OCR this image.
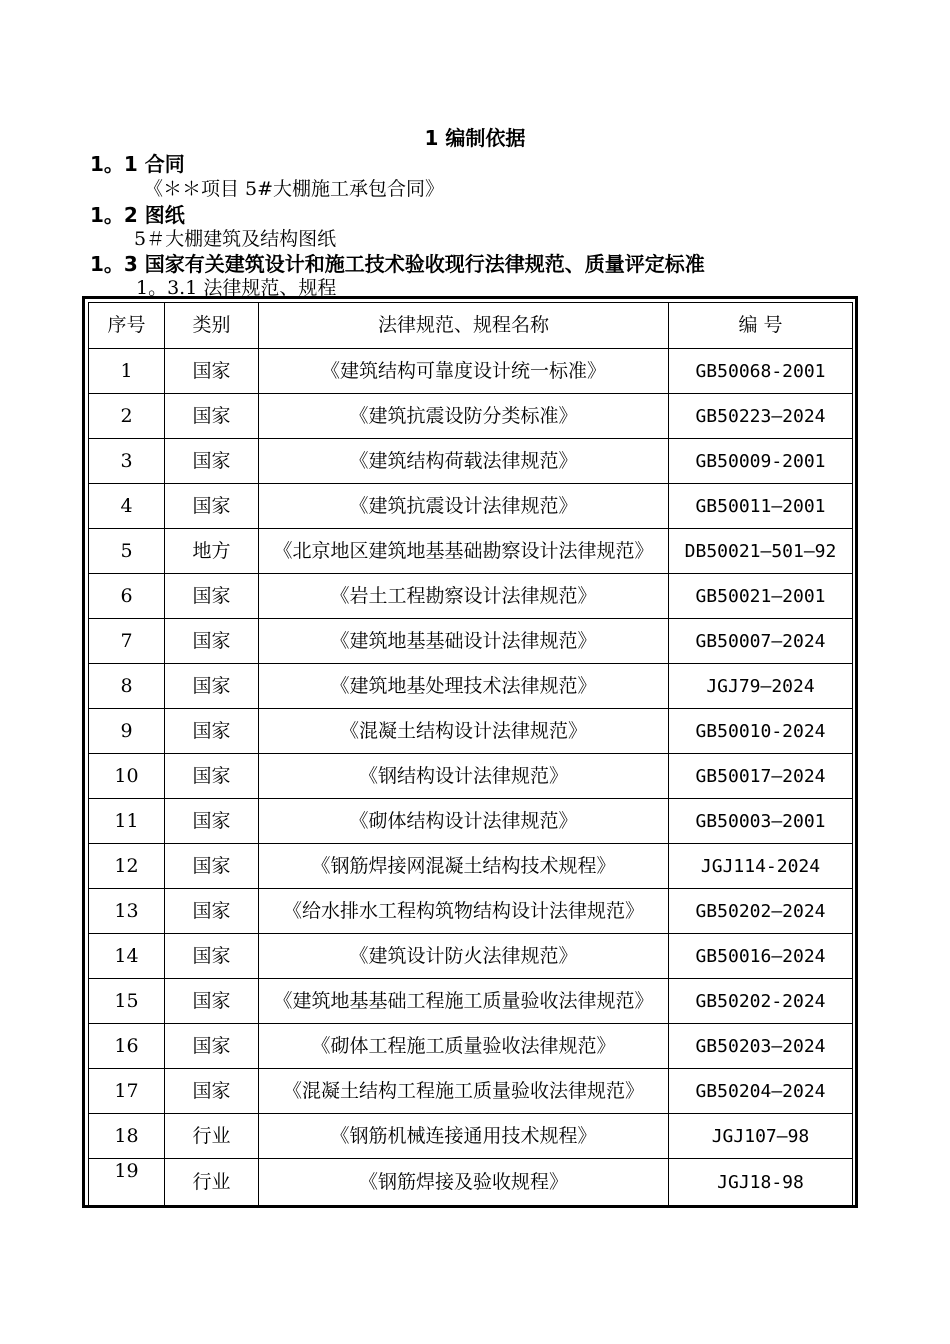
1 编制依据
1。1 合同
《＊＊项目 5#大棚施工承包合同》
1。2 图纸
5＃大棚建筑及结构图纸
1。3 国家有关建筑设计和施工技术验收现行法律规范、质量评定标准
1。3.1 法律规范、规程
序号	类别	法律规范、规程名称	编 号
1	国家	《建筑结构可靠度设计统一标准》	GB50068-2001
2	国家	《建筑抗震设防分类标准》	GB50223—2024
3	国家	《建筑结构荷载法律规范》	GB50009-2001
4	国家	《建筑抗震设计法律规范》	GB50011—2001
5	地方	《北京地区建筑地基基础勘察设计法律规范》	DB50021—501—92
6	国家	《岩土工程勘察设计法律规范》	GB50021—2001
7	国家	《建筑地基基础设计法律规范》	GB50007—2024
8	国家	《建筑地基处理技术法律规范》	JGJ79—2024
9	国家	《混凝土结构设计法律规范》	GB50010-2024
10	国家	《钢结构设计法律规范》	GB50017—2024
11	国家	《砌体结构设计法律规范》	GB50003—2001
12	国家	《钢筋焊接网混凝土结构技术规程》	JGJ114-2024
13	国家	《给水排水工程构筑物结构设计法律规范》	GB50202—2024
14	国家	《建筑设计防火法律规范》	GB50016—2024
15	国家	《建筑地基基础工程施工质量验收法律规范》	GB50202-2024
16	国家	《砌体工程施工质量验收法律规范》	GB50203—2024
17	国家	《混凝土结构工程施工质量验收法律规范》	GB50204—2024
18	行业	《钢筋机械连接通用技术规程》	JGJ107—98
19	行业	《钢筋焊接及验收规程》	JGJ18-98
